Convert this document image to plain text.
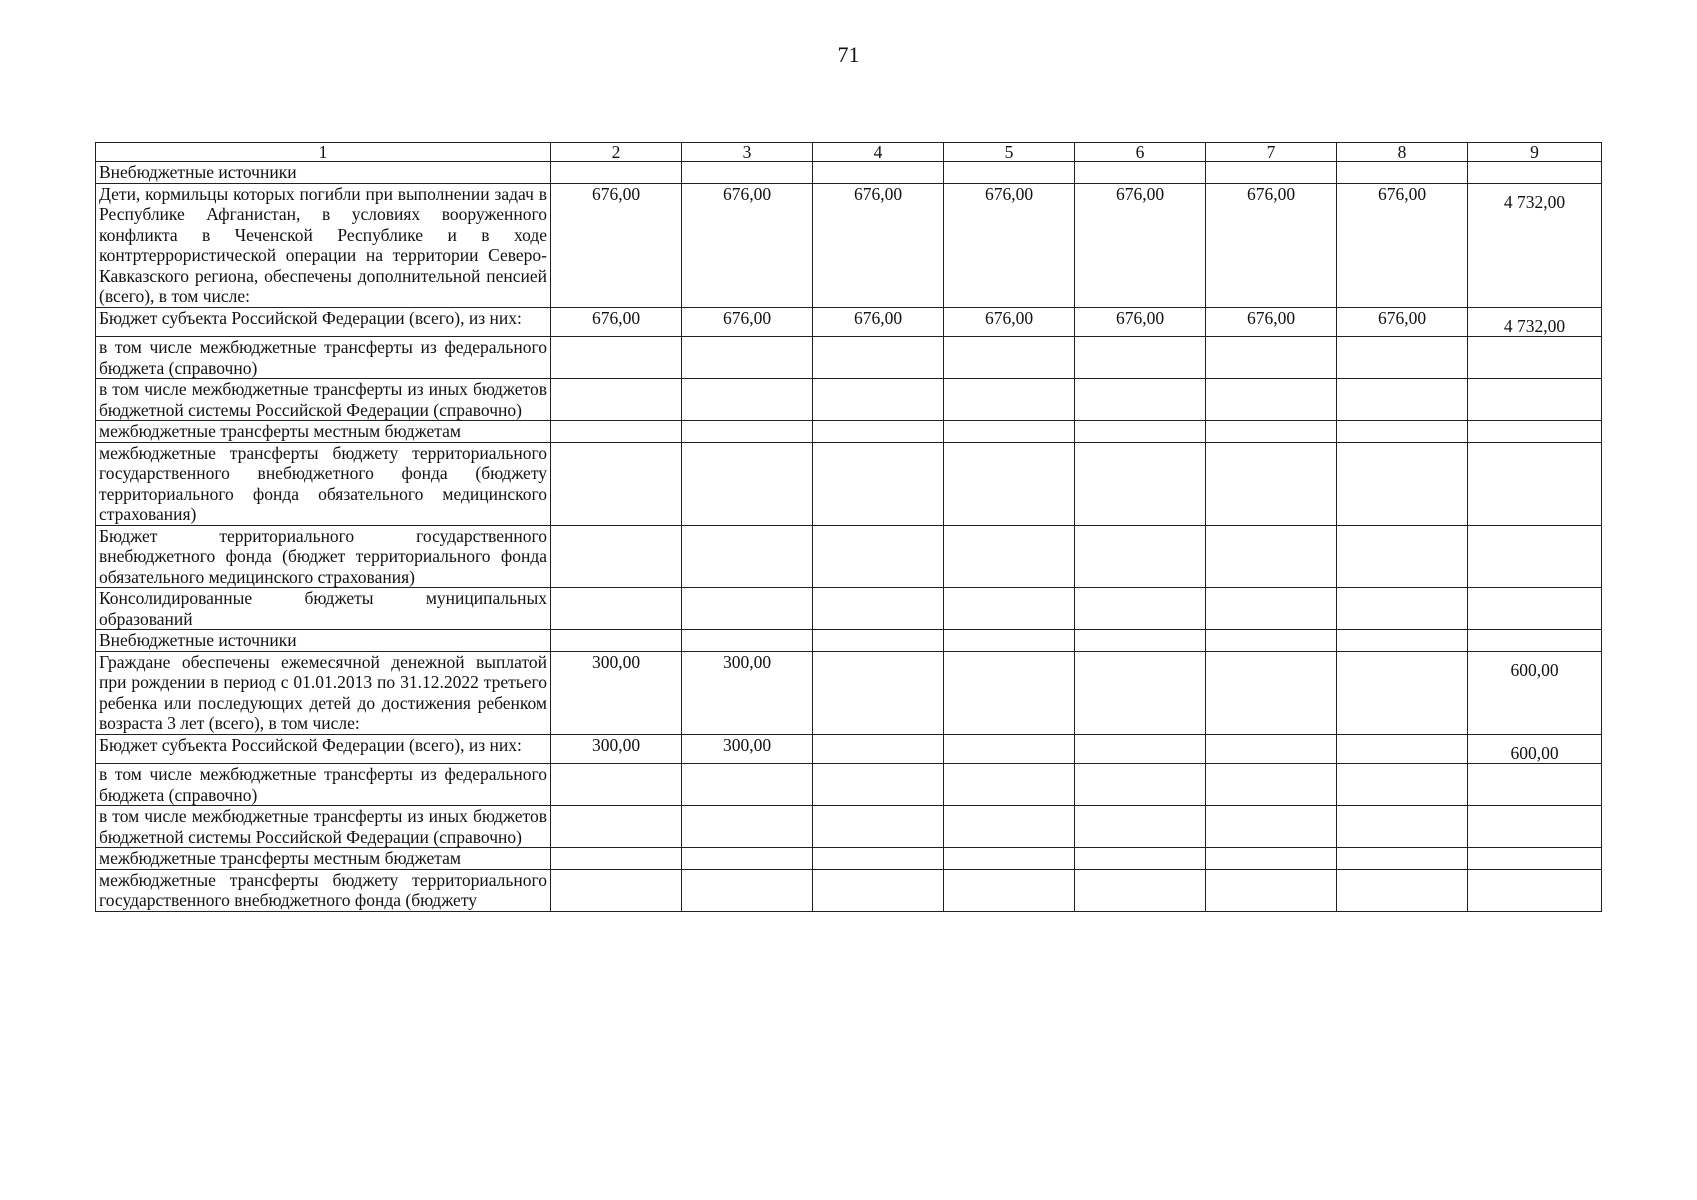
71
1	2	3	4	5	6	7	8	9
Внебюджетные источники								
Дети, кормильцы которых погибли при выполнении задач в Республике Афганистан, в условиях вооруженного конфликта в Чеченской Республике и в ходе контртеррористической операции на территории Северо-Кавказского региона, обеспечены дополнительной пенсией (всего), в том числе:	676,00	676,00	676,00	676,00	676,00	676,00	676,00	4 732,00
Бюджет субъекта Российской Федерации (всего), из них:	676,00	676,00	676,00	676,00	676,00	676,00	676,00	4 732,00
в том числе межбюджетные трансферты из федерального бюджета (справочно)								
в том числе межбюджетные трансферты из иных бюджетов бюджетной системы Российской Федерации (справочно)								
межбюджетные трансферты местным бюджетам								
межбюджетные трансферты бюджету территориального государственного внебюджетного фонда (бюджету территориального фонда обязательного медицинского страхования)								
Бюджет территориального государственного внебюджетного фонда (бюджет территориального фонда обязательного медицинского страхования)								
Консолидированные бюджеты муниципальных образований								
Внебюджетные источники								
Граждане обеспечены ежемесячной денежной выплатой при рождении в период с 01.01.2013 по 31.12.2022 третьего ребенка или последующих детей до достижения ребенком возраста 3 лет (всего), в том числе:	300,00	300,00						600,00
Бюджет субъекта Российской Федерации (всего), из них:	300,00	300,00						600,00
в том числе межбюджетные трансферты из федерального бюджета (справочно)								
в том числе межбюджетные трансферты из иных бюджетов бюджетной системы Российской Федерации (справочно)								
межбюджетные трансферты местным бюджетам								
межбюджетные трансферты бюджету территориального государственного внебюджетного фонда (бюджету								
